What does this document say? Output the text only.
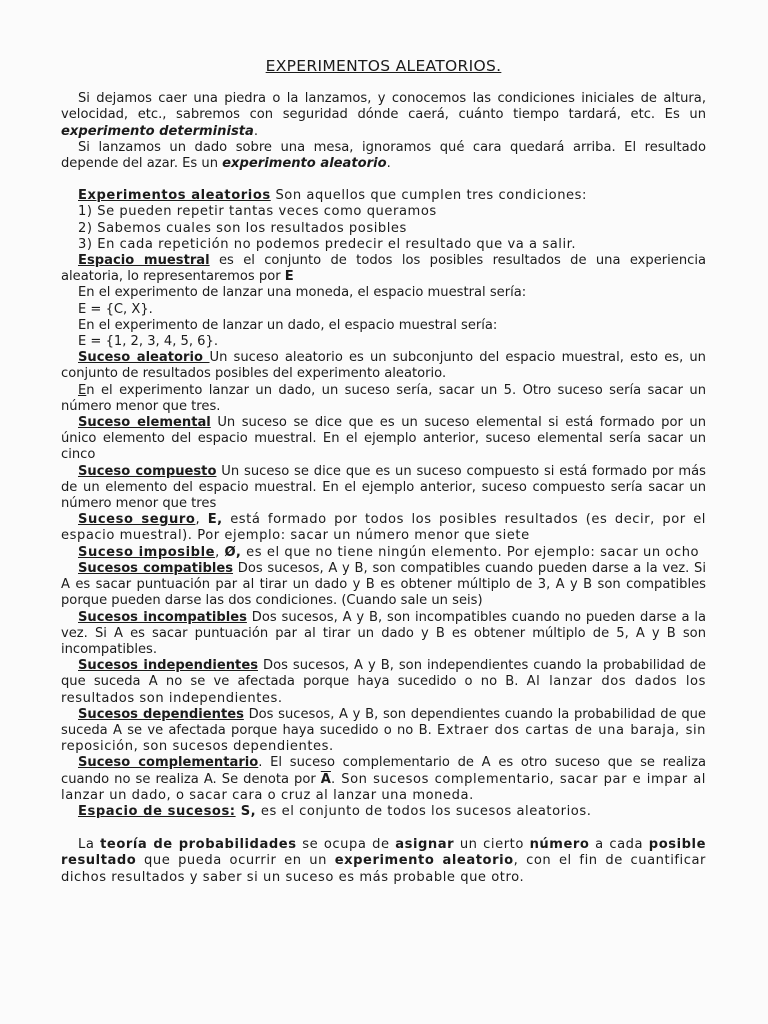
EXPERIMENTOS ALEATORIOS.

Si dejamos caer una piedra o la lanzamos, y conocemos las condiciones iniciales de altura, velocidad, etc., sabremos con seguridad dónde caerá, cuánto tiempo tardará, etc. Es un experimento determinista.

Si lanzamos un dado sobre una mesa, ignoramos qué cara quedará arriba. El resultado depende del azar. Es un experimento aleatorio.

Experimentos aleatorios Son aquellos que cumplen tres condiciones:

1) Se pueden repetir tantas veces como queramos
2) Sabemos cuales son los resultados posibles
3) En cada repetición no podemos predecir el resultado que va a salir.

Espacio muestral es el conjunto de todos los posibles resultados de una experiencia aleatoria, lo representaremos por E

En el experimento de lanzar una moneda, el espacio muestral sería:

E = {C, X}.

En el experimento de lanzar un dado, el espacio muestral sería:

E = {1, 2, 3, 4, 5, 6}.

Suceso aleatorio Un suceso aleatorio es un subconjunto del espacio muestral, esto es, un conjunto de resultados posibles del experimento aleatorio.

En el experimento lanzar un dado, un suceso sería, sacar un 5. Otro suceso sería sacar un número menor que tres.

Suceso elemental Un suceso se dice que es un suceso elemental si está formado por un único elemento del espacio muestral. En el ejemplo anterior, suceso elemental sería sacar un cinco

Suceso compuesto Un suceso se dice que es un suceso compuesto si está formado por más de un elemento del espacio muestral. En el ejemplo anterior, suceso compuesto sería sacar un número menor que tres

Suceso seguro, E, está formado por todos los posibles resultados (es decir, por el espacio muestral). Por ejemplo: sacar un número menor que siete

Suceso imposible, Ø, es el que no tiene ningún elemento. Por ejemplo: sacar un ocho

Sucesos compatibles Dos sucesos, A y B, son compatibles cuando pueden darse a la vez. Si A es sacar puntuación par al tirar un dado y B es obtener múltiplo de 3, A y B son compatibles porque pueden darse las dos condiciones. (Cuando sale un seis)

Sucesos incompatibles Dos sucesos, A y B, son incompatibles cuando no pueden darse a la vez. Si A es sacar puntuación par al tirar un dado y B es obtener múltiplo de 5, A y B son incompatibles.

Sucesos independientes Dos sucesos, A y B, son independientes cuando la probabilidad de que suceda A no se ve afectada porque haya sucedido o no B. Al lanzar dos dados los resultados son independientes.

Sucesos dependientes Dos sucesos, A y B, son dependientes cuando la probabilidad de que suceda A se ve afectada porque haya sucedido o no B. Extraer dos cartas de una baraja, sin reposición, son sucesos dependientes.

Suceso complementario. El suceso complementario de A es otro suceso que se realiza cuando no se realiza A. Se denota por $\overline{A}$. Son sucesos complementario, sacar par e impar al lanzar un dado, o sacar cara o cruz al lanzar una moneda.

Espacio de sucesos: S, es el conjunto de todos los sucesos aleatorios.

La teoría de probabilidades se ocupa de asignar un cierto número a cada posible resultado que pueda ocurrir en un experimento aleatorio, con el fin de cuantificar dichos resultados y saber si un suceso es más probable que otro.
